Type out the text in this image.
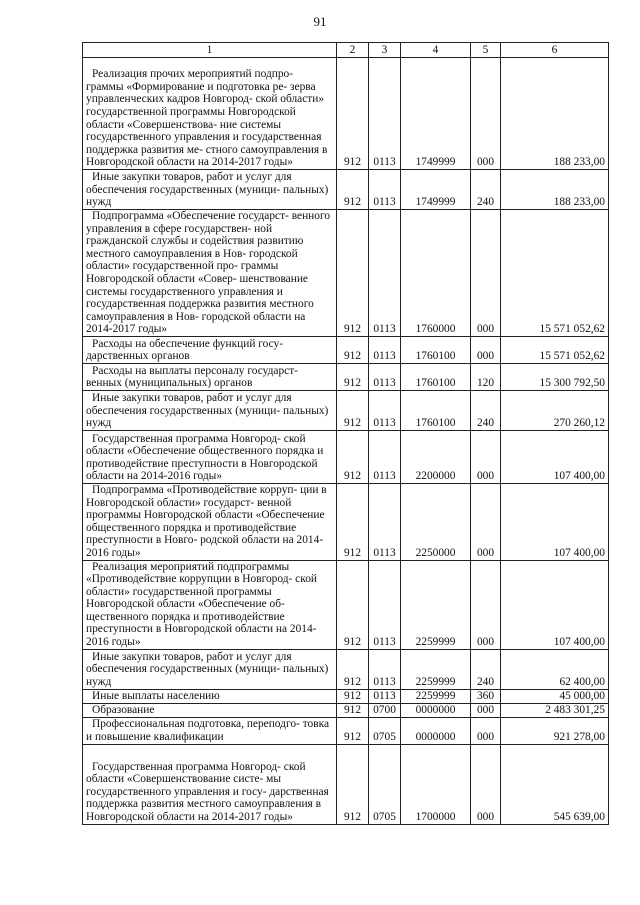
91
1	2	3	4	5	6

Реализация прочих мероприятий подпро- граммы «Формирование и подготовка ре- зерва управленческих кадров Новгород- ской области» государственной программы Новгородской области «Совершенствова- ние системы государственного управления и государственная поддержка развития ме- стного самоуправления в Новгородской области на 2014-2017 годы»	912	0113	1749999	000	188 233,00

Иные закупки товаров, работ и услуг для обеспечения государственных (муници- пальных) нужд	912	0113	1749999	240	188 233,00

Подпрограмма «Обеспечение государст- венного управления в сфере государствен- ной гражданской службы и содействия развитию местного самоуправления в Нов- городской области» государственной про- граммы Новгородской области «Совер- шенствование системы государственного управления и государственная поддержка развития местного самоуправления в Нов- городской области на 2014-2017 годы»	912	0113	1760000	000	15 571 052,62

Расходы на обеспечение функций госу- дарственных органов	912	0113	1760100	000	15 571 052,62

Расходы на выплаты персоналу государст- венных (муниципальных) органов	912	0113	1760100	120	15 300 792,50

Иные закупки товаров, работ и услуг для обеспечения государственных (муници- пальных) нужд	912	0113	1760100	240	270 260,12

Государственная программа Новгород- ской области «Обеспечение общественного порядка и противодействие преступности в Новгородской области на 2014-2016 годы»	912	0113	2200000	000	107 400,00

Подпрограмма «Противодействие корруп- ции в Новгородской области» государст- венной программы Новгородской области «Обеспечение общественного порядка и противодействие преступности в Новго- родской области на 2014-2016 годы»	912	0113	2250000	000	107 400,00

Реализация мероприятий подпрограммы «Противодействие коррупции в Новгород- ской области» государственной программы Новгородской области «Обеспечение об- щественного порядка и противодействие преступности в Новгородской области на 2014-2016 годы»	912	0113	2259999	000	107 400,00

Иные закупки товаров, работ и услуг для обеспечения государственных (муници- пальных) нужд	912	0113	2259999	240	62 400,00

Иные выплаты населению	912	0113	2259999	360	45 000,00

Образование	912	0700	0000000	000	2 483 301,25

Профессиональная подготовка, переподго- товка и повышение квалификации	912	0705	0000000	000	921 278,00

Государственная программа Новгород- ской области «Совершенствование систе- мы государственного управления и госу- дарственная поддержка развития местного самоуправления в Новгородской области на 2014-2017 годы»	912	0705	1700000	000	545 639,00
